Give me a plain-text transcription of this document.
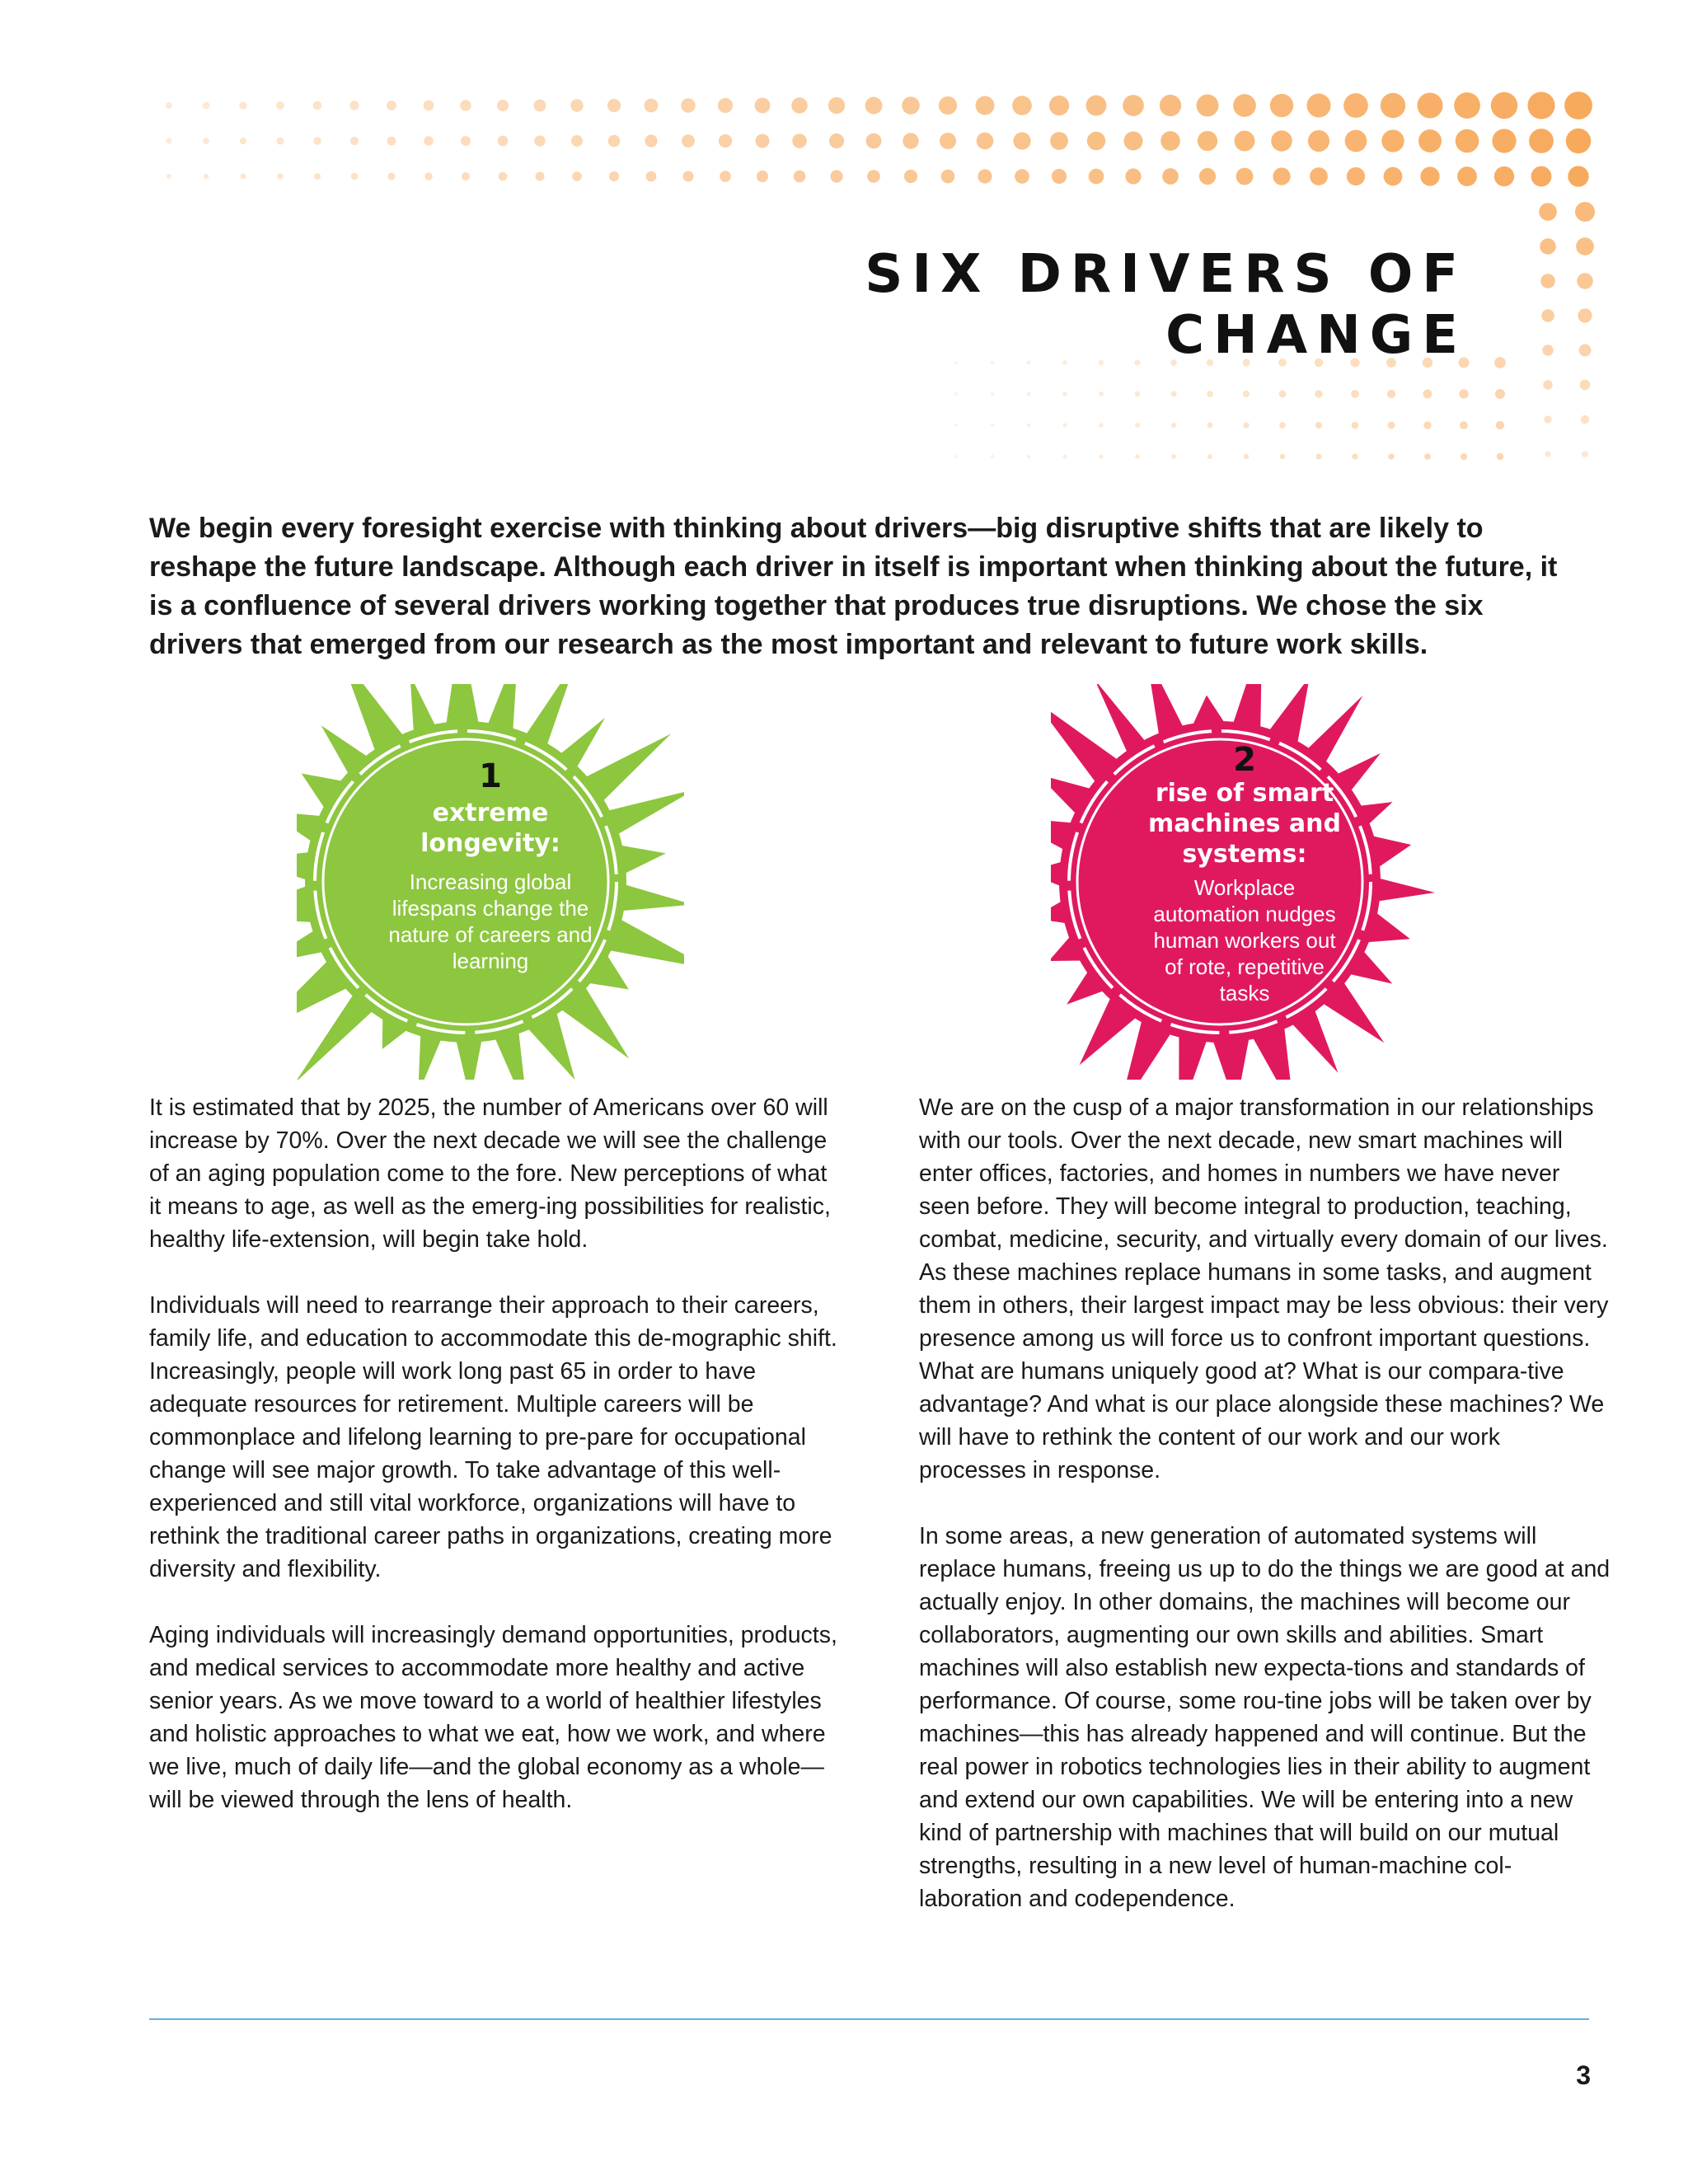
SIX DRIVERS OF CHANGE

We begin every foresight exercise with thinking about drivers—big disruptive shifts that are likely to reshape the future landscape. Although each driver in itself is important when thinking about the future, it is a confluence of several drivers working together that produces true disruptions. We chose the six drivers that emerged from our research as the most important and relevant to future work skills.

1
extreme longevity:
Increasing global lifespans change the nature of careers and learning
2
rise of smart machines and systems:
Workplace automation nudges human workers out of rote, repetitive tasks

It is estimated that by 2025, the number of Americans over 60 will increase by 70%. Over the next decade we will see the challenge of an aging population come to the fore. New perceptions of what it means to age, as well as the emerg-ing possibilities for realistic, healthy life-extension, will begin take hold.

Individuals will need to rearrange their approach to their careers, family life, and education to accommodate this de-mographic shift. Increasingly, people will work long past 65 in order to have adequate resources for retirement. Multiple careers will be commonplace and lifelong learning to pre-pare for occupational change will see major growth. To take advantage of this well-experienced and still vital workforce, organizations will have to rethink the traditional career paths in organizations, creating more diversity and flexibility.

Aging individuals will increasingly demand opportunities, products, and medical services to accommodate more healthy and active senior years. As we move toward to a world of healthier lifestyles and holistic approaches to what we eat, how we work, and where we live, much of daily life—and the global economy as a whole—will be viewed through the lens of health.

We are on the cusp of a major transformation in our relationships with our tools. Over the next decade, new smart machines will enter offices, factories, and homes in numbers we have never seen before. They will become integral to production, teaching, combat, medicine, security, and virtually every domain of our lives. As these machines replace humans in some tasks, and augment them in others, their largest impact may be less obvious: their very presence among us will force us to confront important questions. What are humans uniquely good at? What is our compara-tive advantage? And what is our place alongside these machines? We will have to rethink the content of our work and our work processes in response.

In some areas, a new generation of automated systems will replace humans, freeing us up to do the things we are good at and actually enjoy. In other domains, the machines will become our collaborators, augmenting our own skills and abilities. Smart machines will also establish new expecta-tions and standards of performance. Of course, some rou-tine jobs will be taken over by machines—this has already happened and will continue. But the real power in robotics technologies lies in their ability to augment and extend our own capabilities. We will be entering into a new kind of partnership with machines that will build on our mutual strengths, resulting in a new level of human-machine col-laboration and codependence.

3
